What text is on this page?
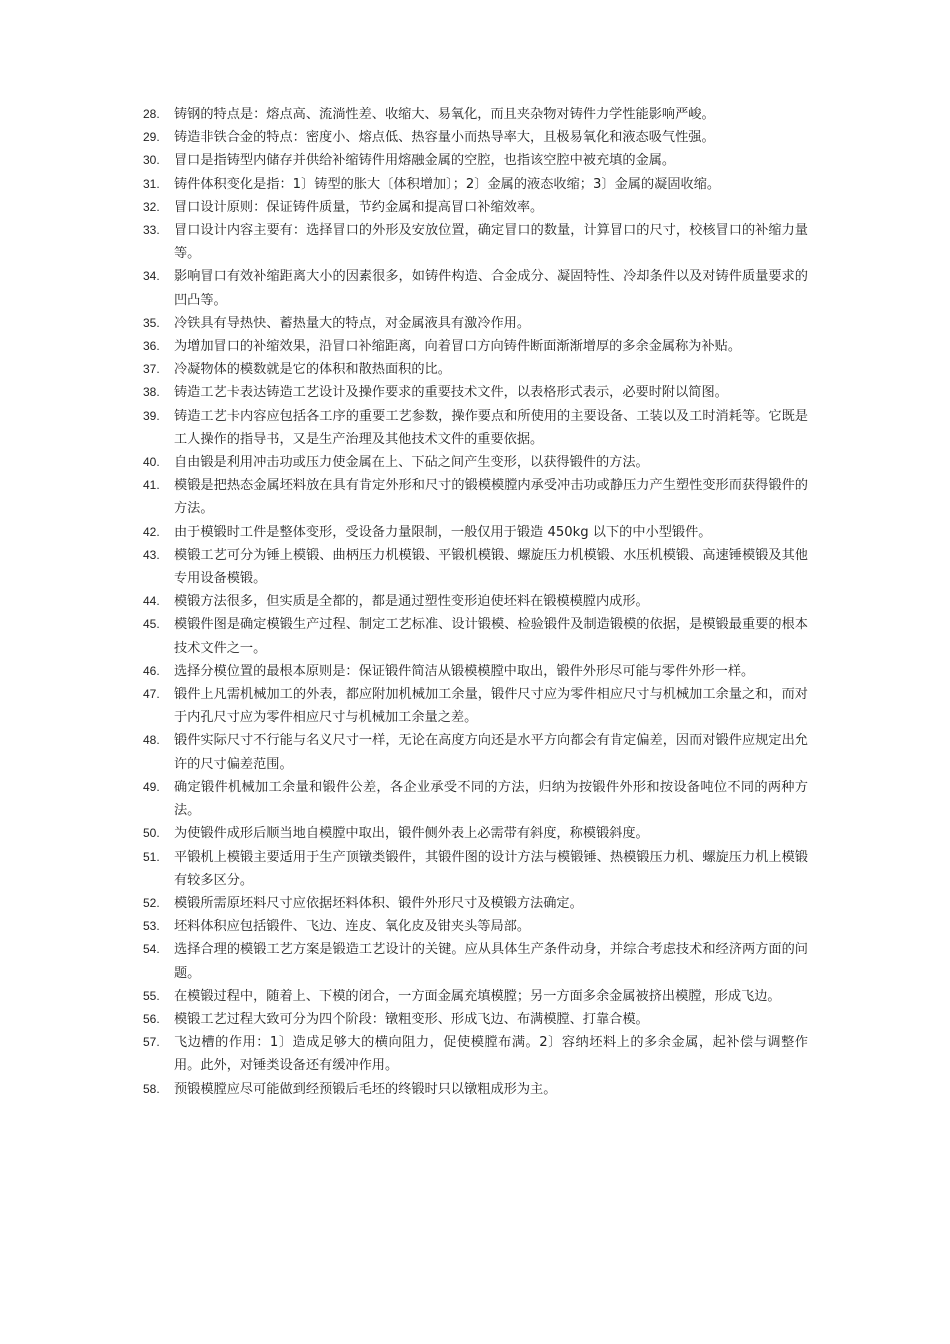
28. 铸钢的特点是：熔点高、流淌性差、收缩大、易氧化，而且夹杂物对铸件力学性能影响严峻。
29. 铸造非铁合金的特点：密度小、熔点低、热容量小而热导率大，且极易氧化和液态吸气性强。
30. 冒口是指铸型内储存并供给补缩铸件用熔融金属的空腔，也指该空腔中被充填的金属。
31. 铸件体积变化是指：1〕铸型的胀大〔体积增加〕；2〕金属的液态收缩；3〕金属的凝固收缩。
32. 冒口设计原则：保证铸件质量，节约金属和提高冒口补缩效率。
33. 冒口设计内容主要有：选择冒口的外形及安放位置，确定冒口的数量，计算冒口的尺寸，校核冒口的补缩力量等。
34. 影响冒口有效补缩距离大小的因素很多，如铸件构造、合金成分、凝固特性、冷却条件以及对铸件质量要求的凹凸等。
35. 冷铁具有导热快、蓄热量大的特点，对金属液具有激冷作用。
36. 为增加冒口的补缩效果，沿冒口补缩距离，向着冒口方向铸件断面渐渐增厚的多余金属称为补贴。
37. 冷凝物体的模数就是它的体积和散热面积的比。
38. 铸造工艺卡表达铸造工艺设计及操作要求的重要技术文件，以表格形式表示，必要时附以简图。
39. 铸造工艺卡内容应包括各工序的重要工艺参数，操作要点和所使用的主要设备、工装以及工时消耗等。它既是工人操作的指导书，又是生产治理及其他技术文件的重要依据。
40. 自由锻是利用冲击功或压力使金属在上、下砧之间产生变形，以获得锻件的方法。
41. 模锻是把热态金属坯料放在具有肯定外形和尺寸的锻模模膛内承受冲击功或静压力产生塑性变形而获得锻件的方法。
42. 由于模锻时工件是整体变形，受设备力量限制，一般仅用于锻造 450kg 以下的中小型锻件。
43. 模锻工艺可分为锤上模锻、曲柄压力机模锻、平锻机模锻、螺旋压力机模锻、水压机模锻、高速锤模锻及其他专用设备模锻。
44. 模锻方法很多，但实质是全都的，都是通过塑性变形迫使坯料在锻模模膛内成形。
45. 模锻件图是确定模锻生产过程、制定工艺标准、设计锻模、检验锻件及制造锻模的依据，是模锻最重要的根本技术文件之一。
46. 选择分模位置的最根本原则是：保证锻件简洁从锻模模膛中取出，锻件外形尽可能与零件外形一样。
47. 锻件上凡需机械加工的外表，都应附加机械加工余量，锻件尺寸应为零件相应尺寸与机械加工余量之和，而对于内孔尺寸应为零件相应尺寸与机械加工余量之差。
48. 锻件实际尺寸不行能与名义尺寸一样，无论在高度方向还是水平方向都会有肯定偏差，因而对锻件应规定出允许的尺寸偏差范围。
49. 确定锻件机械加工余量和锻件公差，各企业承受不同的方法，归纳为按锻件外形和按设备吨位不同的两种方法。
50. 为使锻件成形后顺当地自模膛中取出，锻件侧外表上必需带有斜度，称模锻斜度。
51. 平锻机上模锻主要适用于生产顶镦类锻件，其锻件图的设计方法与模锻锤、热模锻压力机、螺旋压力机上模锻有较多区分。
52. 模锻所需原坯料尺寸应依据坯料体积、锻件外形尺寸及模锻方法确定。
53. 坯料体积应包括锻件、飞边、连皮、氧化皮及钳夹头等局部。
54. 选择合理的模锻工艺方案是锻造工艺设计的关键。应从具体生产条件动身，并综合考虑技术和经济两方面的问题。
55. 在模锻过程中，随着上、下模的闭合，一方面金属充填模膛；另一方面多余金属被挤出模膛，形成飞边。
56. 模锻工艺过程大致可分为四个阶段：镦粗变形、形成飞边、布满模膛、打靠合模。
57. 飞边槽的作用：1〕造成足够大的横向阻力，促使模膛布满。2〕容纳坯料上的多余金属，起补偿与调整作用。此外，对锤类设备还有缓冲作用。
58. 预锻模膛应尽可能做到经预锻后毛坯的终锻时只以镦粗成形为主。
